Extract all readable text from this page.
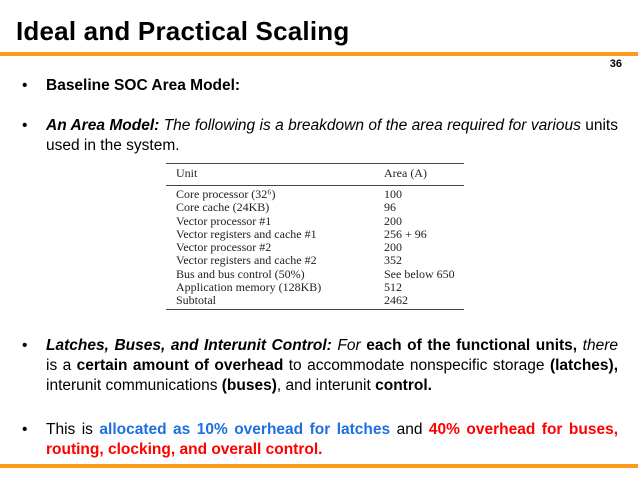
Ideal and Practical Scaling
36
• Baseline SOC Area Model:
• An Area Model: The following is a breakdown of the area required for various units used in the system.
Unit	Area (A)
Core processor (32⁶)	100
Core cache (24KB)	96
Vector processor #1	200
Vector registers and cache #1	256 + 96
Vector processor #2	200
Vector registers and cache #2	352
Bus and bus control (50%)	See below 650
Application memory (128KB)	512
Subtotal	2462
• Latches, Buses, and Interunit Control: For each of the functional units, there is a certain amount of overhead to accommodate nonspecific storage (latches), interunit communications (buses), and interunit control.
• This is allocated as 10% overhead for latches and 40% overhead for buses, routing, clocking, and overall control.
